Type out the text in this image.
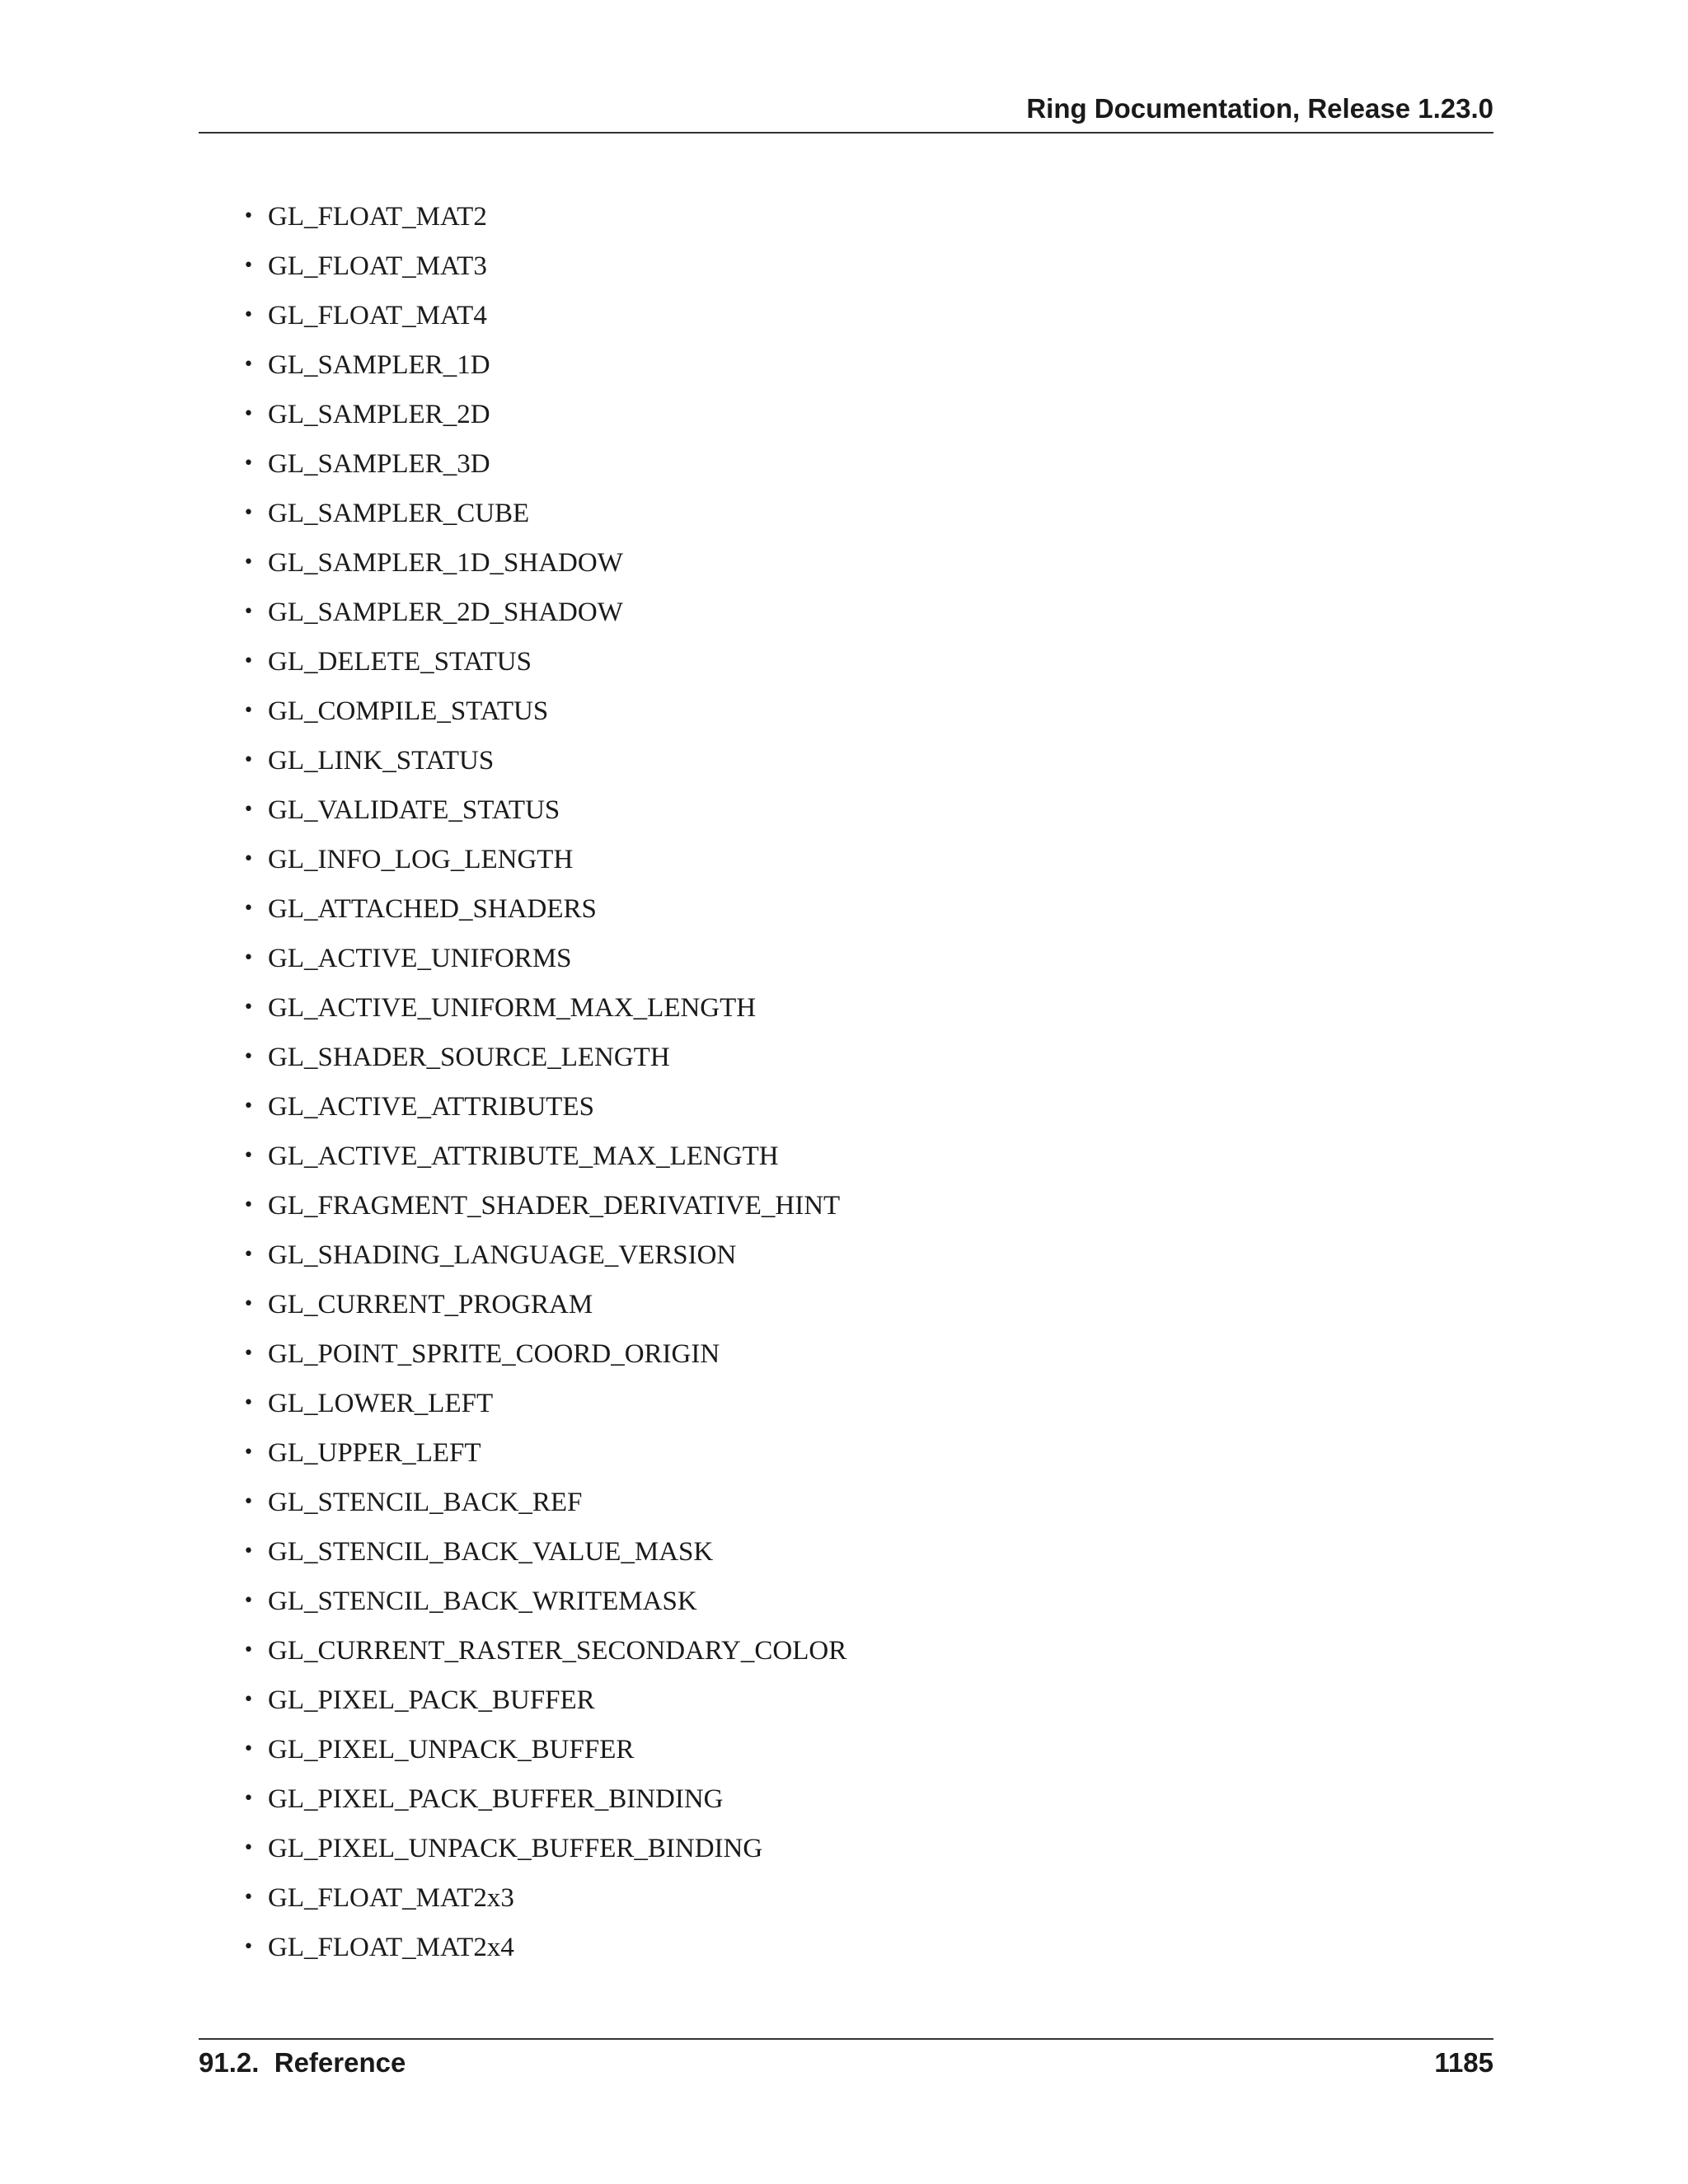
Ring Documentation, Release 1.23.0
• GL_FLOAT_MAT2
• GL_FLOAT_MAT3
• GL_FLOAT_MAT4
• GL_SAMPLER_1D
• GL_SAMPLER_2D
• GL_SAMPLER_3D
• GL_SAMPLER_CUBE
• GL_SAMPLER_1D_SHADOW
• GL_SAMPLER_2D_SHADOW
• GL_DELETE_STATUS
• GL_COMPILE_STATUS
• GL_LINK_STATUS
• GL_VALIDATE_STATUS
• GL_INFO_LOG_LENGTH
• GL_ATTACHED_SHADERS
• GL_ACTIVE_UNIFORMS
• GL_ACTIVE_UNIFORM_MAX_LENGTH
• GL_SHADER_SOURCE_LENGTH
• GL_ACTIVE_ATTRIBUTES
• GL_ACTIVE_ATTRIBUTE_MAX_LENGTH
• GL_FRAGMENT_SHADER_DERIVATIVE_HINT
• GL_SHADING_LANGUAGE_VERSION
• GL_CURRENT_PROGRAM
• GL_POINT_SPRITE_COORD_ORIGIN
• GL_LOWER_LEFT
• GL_UPPER_LEFT
• GL_STENCIL_BACK_REF
• GL_STENCIL_BACK_VALUE_MASK
• GL_STENCIL_BACK_WRITEMASK
• GL_CURRENT_RASTER_SECONDARY_COLOR
• GL_PIXEL_PACK_BUFFER
• GL_PIXEL_UNPACK_BUFFER
• GL_PIXEL_PACK_BUFFER_BINDING
• GL_PIXEL_UNPACK_BUFFER_BINDING
• GL_FLOAT_MAT2x3
• GL_FLOAT_MAT2x4
91.2.  Reference	1185
